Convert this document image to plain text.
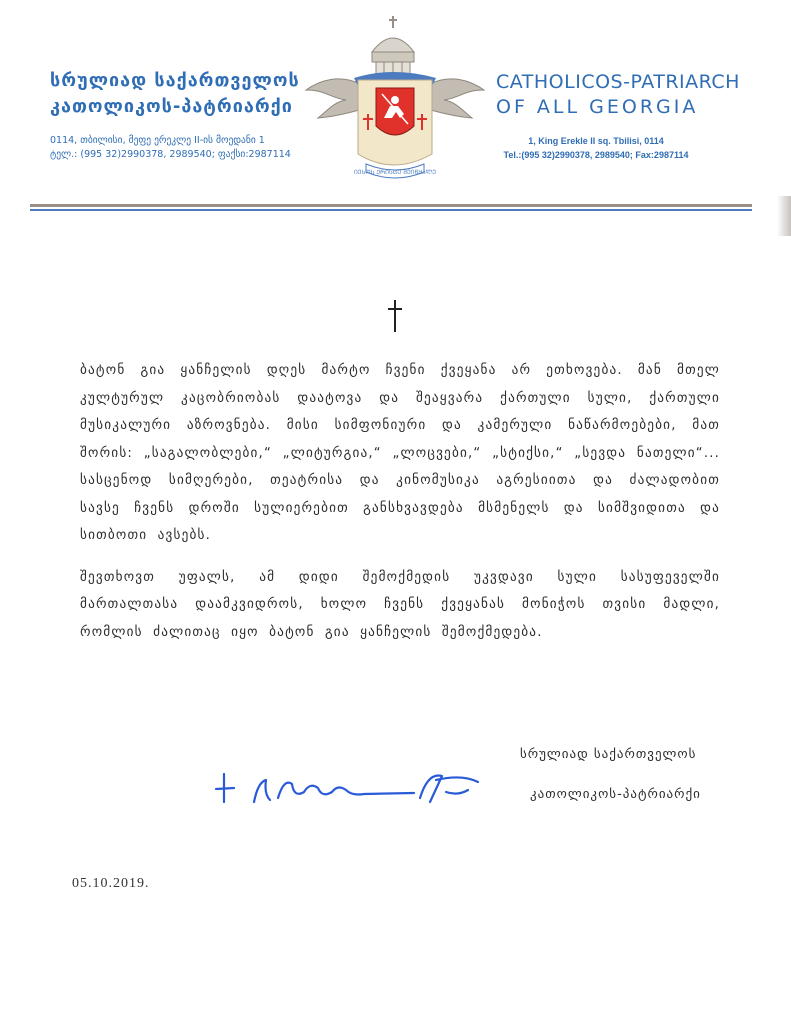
სრულიად საქართველოს
კათოლიკოს-პატრიარქი
0114, თბილისი, მეფე ერეკლე II-ის მოედანი 1
ტელ.: (995 32)2990378, 2989540; ფაქსი:2987114
ᲘᲔᲡᲝᲡ ᲥᲠᲘᲡᲢᲔ ᲨᲔᲘᲬᲧᲐᲚᲔ
CATHOLICOS-PATRIARCH
OF ALL GEORGIA
1, King Erekle II sq. Tbilisi, 0114
Tel.:(995 32)2990378, 2989540; Fax:2987114

ბატონ გია ყანჩელის დღეს მარტო ჩვენი ქვეყანა არ ეთხოვება. მან მთელ კულტურულ კაცობრიობას დაატოვა და შეაყვარა ქართული სული, ქართული მუსიკალური აზროვნება. მისი სიმფონიური და კამერული ნაწარმოებები, მათ შორის: „საგალობლები,“ „ლიტურგია,“ „ლოცვები,“ „სტიქსი,“ „სევდა ნათელი“... სასცენოდ სიმღერები, თეატრისა და კინომუსიკა აგრესიითა და ძალადობით სავსე ჩვენს დროში სულიერებით განსხვავდება მსმენელს და სიმშვიდითა და სითბოთი ავსებს.

შევთხოვთ უფალს, ამ დიდი შემოქმედის უკვდავი სული სასუფეველში მართალთასა დაამკვიდროს, ხოლო ჩვენს ქვეყანას მონიჭოს თვისი მადლი, რომლის ძალითაც იყო ბატონ გია ყანჩელის შემოქმედება.

სრულიად საქართველოს
კათოლიკოს-პატრიარქი
05.10.2019.
